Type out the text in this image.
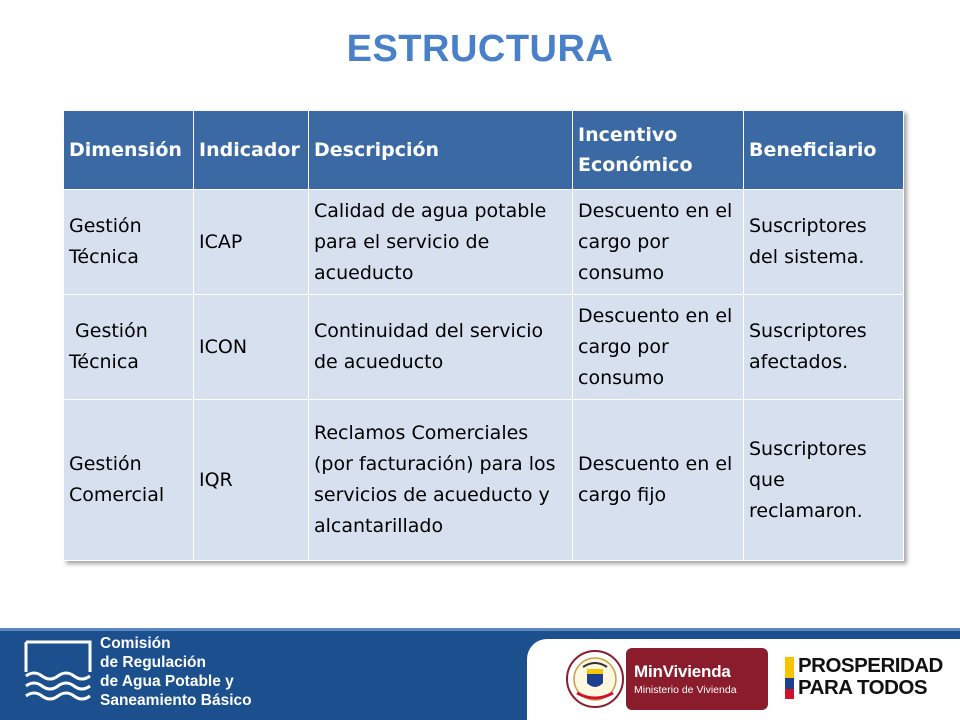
ESTRUCTURA
Dimensión	Indicador	Descripción	Incentivo Económico	Beneficiario
Gestión Técnica	ICAP	Calidad de agua potable para el servicio de acueducto	Descuento en el cargo por consumo	Suscriptores del sistema.
Gestión Técnica	ICON	Continuidad del servicio de acueducto	Descuento en el cargo por consumo	Suscriptores afectados.
Gestión Comercial	IQR	Reclamos Comerciales (por facturación) para los servicios de acueducto y alcantarillado	Descuento en el cargo fijo	Suscriptores que reclamaron.
Comisión
de Regulación
de Agua Potable y
Saneamiento Básico
MinVivienda
Ministerio de Vivienda
PROSPERIDAD
PARA TODOS
